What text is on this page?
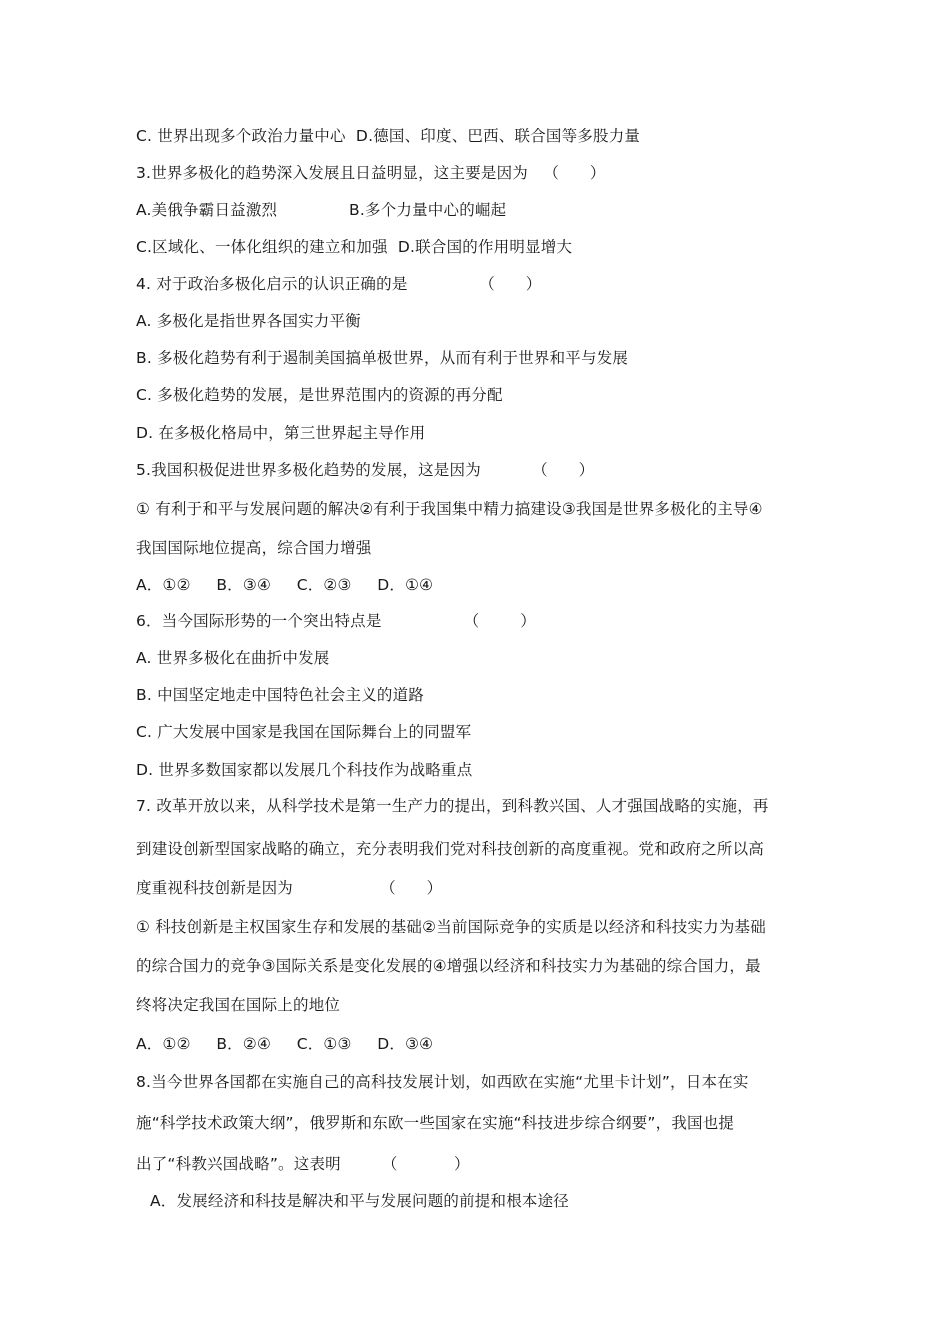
C. 世界出现多个政治力量中心  D.德国、印度、巴西、联合国等多股力量
3.世界多极化的趋势深入发展且日益明显，这主要是因为   （      ）
A.美俄争霸日益激烈              B.多个力量中心的崛起
C.区域化、一体化组织的建立和加强  D.联合国的作用明显增大
4. 对于政治多极化启示的认识正确的是              （      ）
A. 多极化是指世界各国实力平衡
B. 多极化趋势有利于遏制美国搞单极世界，从而有利于世界和平与发展
C. 多极化趋势的发展，是世界范围内的资源的再分配
D. 在多极化格局中，第三世界起主导作用
5.我国积极促进世界多极化趋势的发展，这是因为          （      ）
① 有利于和平与发展问题的解决②有利于我国集中精力搞建设③我国是世界多极化的主导④
我国国际地位提高，综合国力增强
A．①②     B．③④     C．②③     D．①④
6．当今国际形势的一个突出特点是                （        ）
A. 世界多极化在曲折中发展
B. 中国坚定地走中国特色社会主义的道路
C. 广大发展中国家是我国在国际舞台上的同盟军
D. 世界多数国家都以发展几个科技作为战略重点
7. 改革开放以来，从科学技术是第一生产力的提出，到科教兴国、人才强国战略的实施，再
到建设创新型国家战略的确立，充分表明我们党对科技创新的高度重视。党和政府之所以高
度重视科技创新是因为                 （      ）
① 科技创新是主权国家生存和发展的基础②当前国际竞争的实质是以经济和科技实力为基础
的综合国力的竞争③国际关系是变化发展的④增强以经济和科技实力为基础的综合国力，最
终将决定我国在国际上的地位
A．①②     B．②④     C．①③     D．③④
8.当今世界各国都在实施自己的高科技发展计划，如西欧在实施“尤里卡计划”，日本在实
施“科学技术政策大纲”，俄罗斯和东欧一些国家在实施“科技进步综合纲要”，我国也提
出了“科教兴国战略”。这表明        （           ）
A．发展经济和科技是解决和平与发展问题的前提和根本途径
